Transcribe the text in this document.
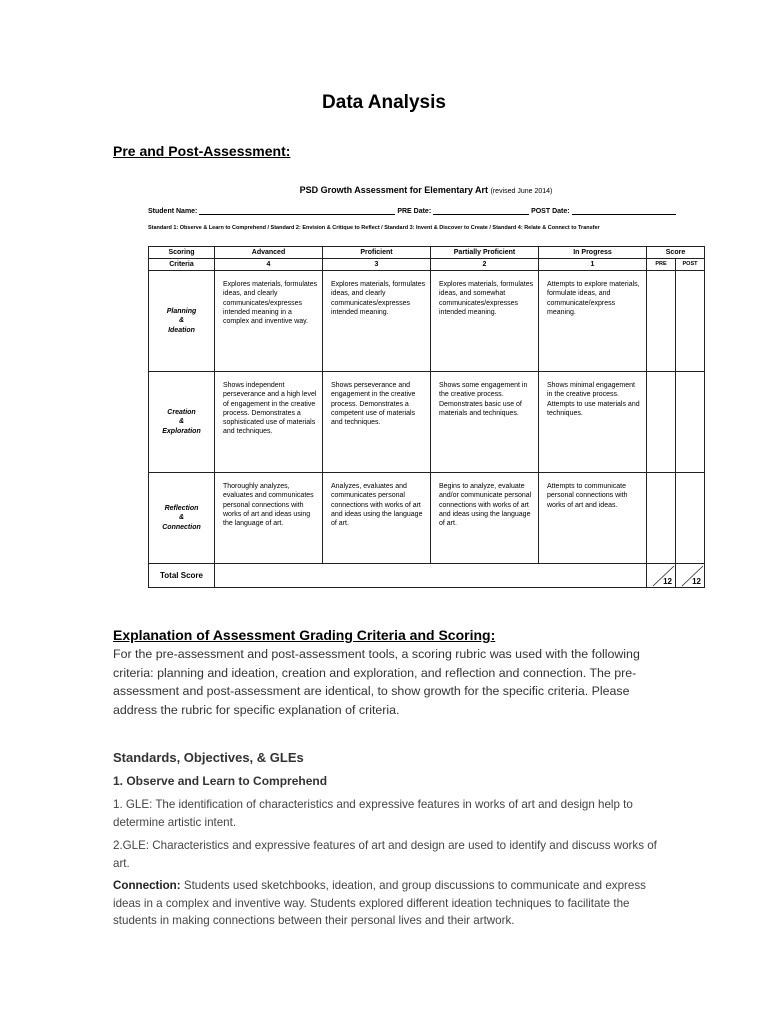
Data Analysis
Pre and Post-Assessment:
PSD Growth Assessment for Elementary Art (revised June 2014)
Student Name:	PRE Date:	POST Date:
Standard 1: Observe & Learn to Comprehend / Standard 2: Envision & Critique to Reflect / Standard 3: Invent & Discover to Create / Standard 4: Relate & Connect to Transfer
Scoring	Advanced	Proficient	Partially Proficient	In Progress	Score	
Criteria	4	3	2	1	PRE	POST

Planning
&
Ideation	Explores materials, formulates ideas, and clearly communicates/expresses intended meaning in a complex and inventive way.	Explores materials, formulates ideas, and clearly communicates/expresses intended meaning.	Explores materials, formulates ideas, and somewhat communicates/expresses intended meaning.	Attempts to explore materials, formulate ideas, and communicate/express meaning.		

Creation
&
Exploration	Shows independent perseverance and a high level of engagement in the creative process. Demonstrates a sophisticated use of materials and techniques.	Shows perseverance and engagement in the creative process. Demonstrates a competent use of materials and techniques.	Shows some engagement in the creative process. Demonstrates basic use of materials and techniques.	Shows minimal engagement in the creative process. Attempts to use materials and techniques.		

Reflection
&
Connection	Thoroughly analyzes, evaluates and communicates personal connections with works of art and ideas using the language of art.	Analyzes, evaluates and communicates personal connections with works of art and ideas using the language of art.	Begins to analyze, evaluate and/or communicate personal connections with works of art and ideas using the language of art.	Attempts to communicate personal connections with works of art and ideas.		
Total Score					12	12
Explanation of Assessment Grading Criteria and Scoring:
For the pre-assessment and post-assessment tools, a scoring rubric was used with the following criteria: planning and ideation, creation and exploration, and reflection and connection. The pre-assessment and post-assessment are identical, to show growth for the specific criteria. Please address the rubric for specific explanation of criteria.
Standards, Objectives, & GLEs
1. Observe and Learn to Comprehend
1. GLE: The identification of characteristics and expressive features in works of art and design help to determine artistic intent.
2.GLE: Characteristics and expressive features of art and design are used to identify and discuss works of art.
Connection: Students used sketchbooks, ideation, and group discussions to communicate and express ideas in a complex and inventive way. Students explored different ideation techniques to facilitate the students in making connections between their personal lives and their artwork.
